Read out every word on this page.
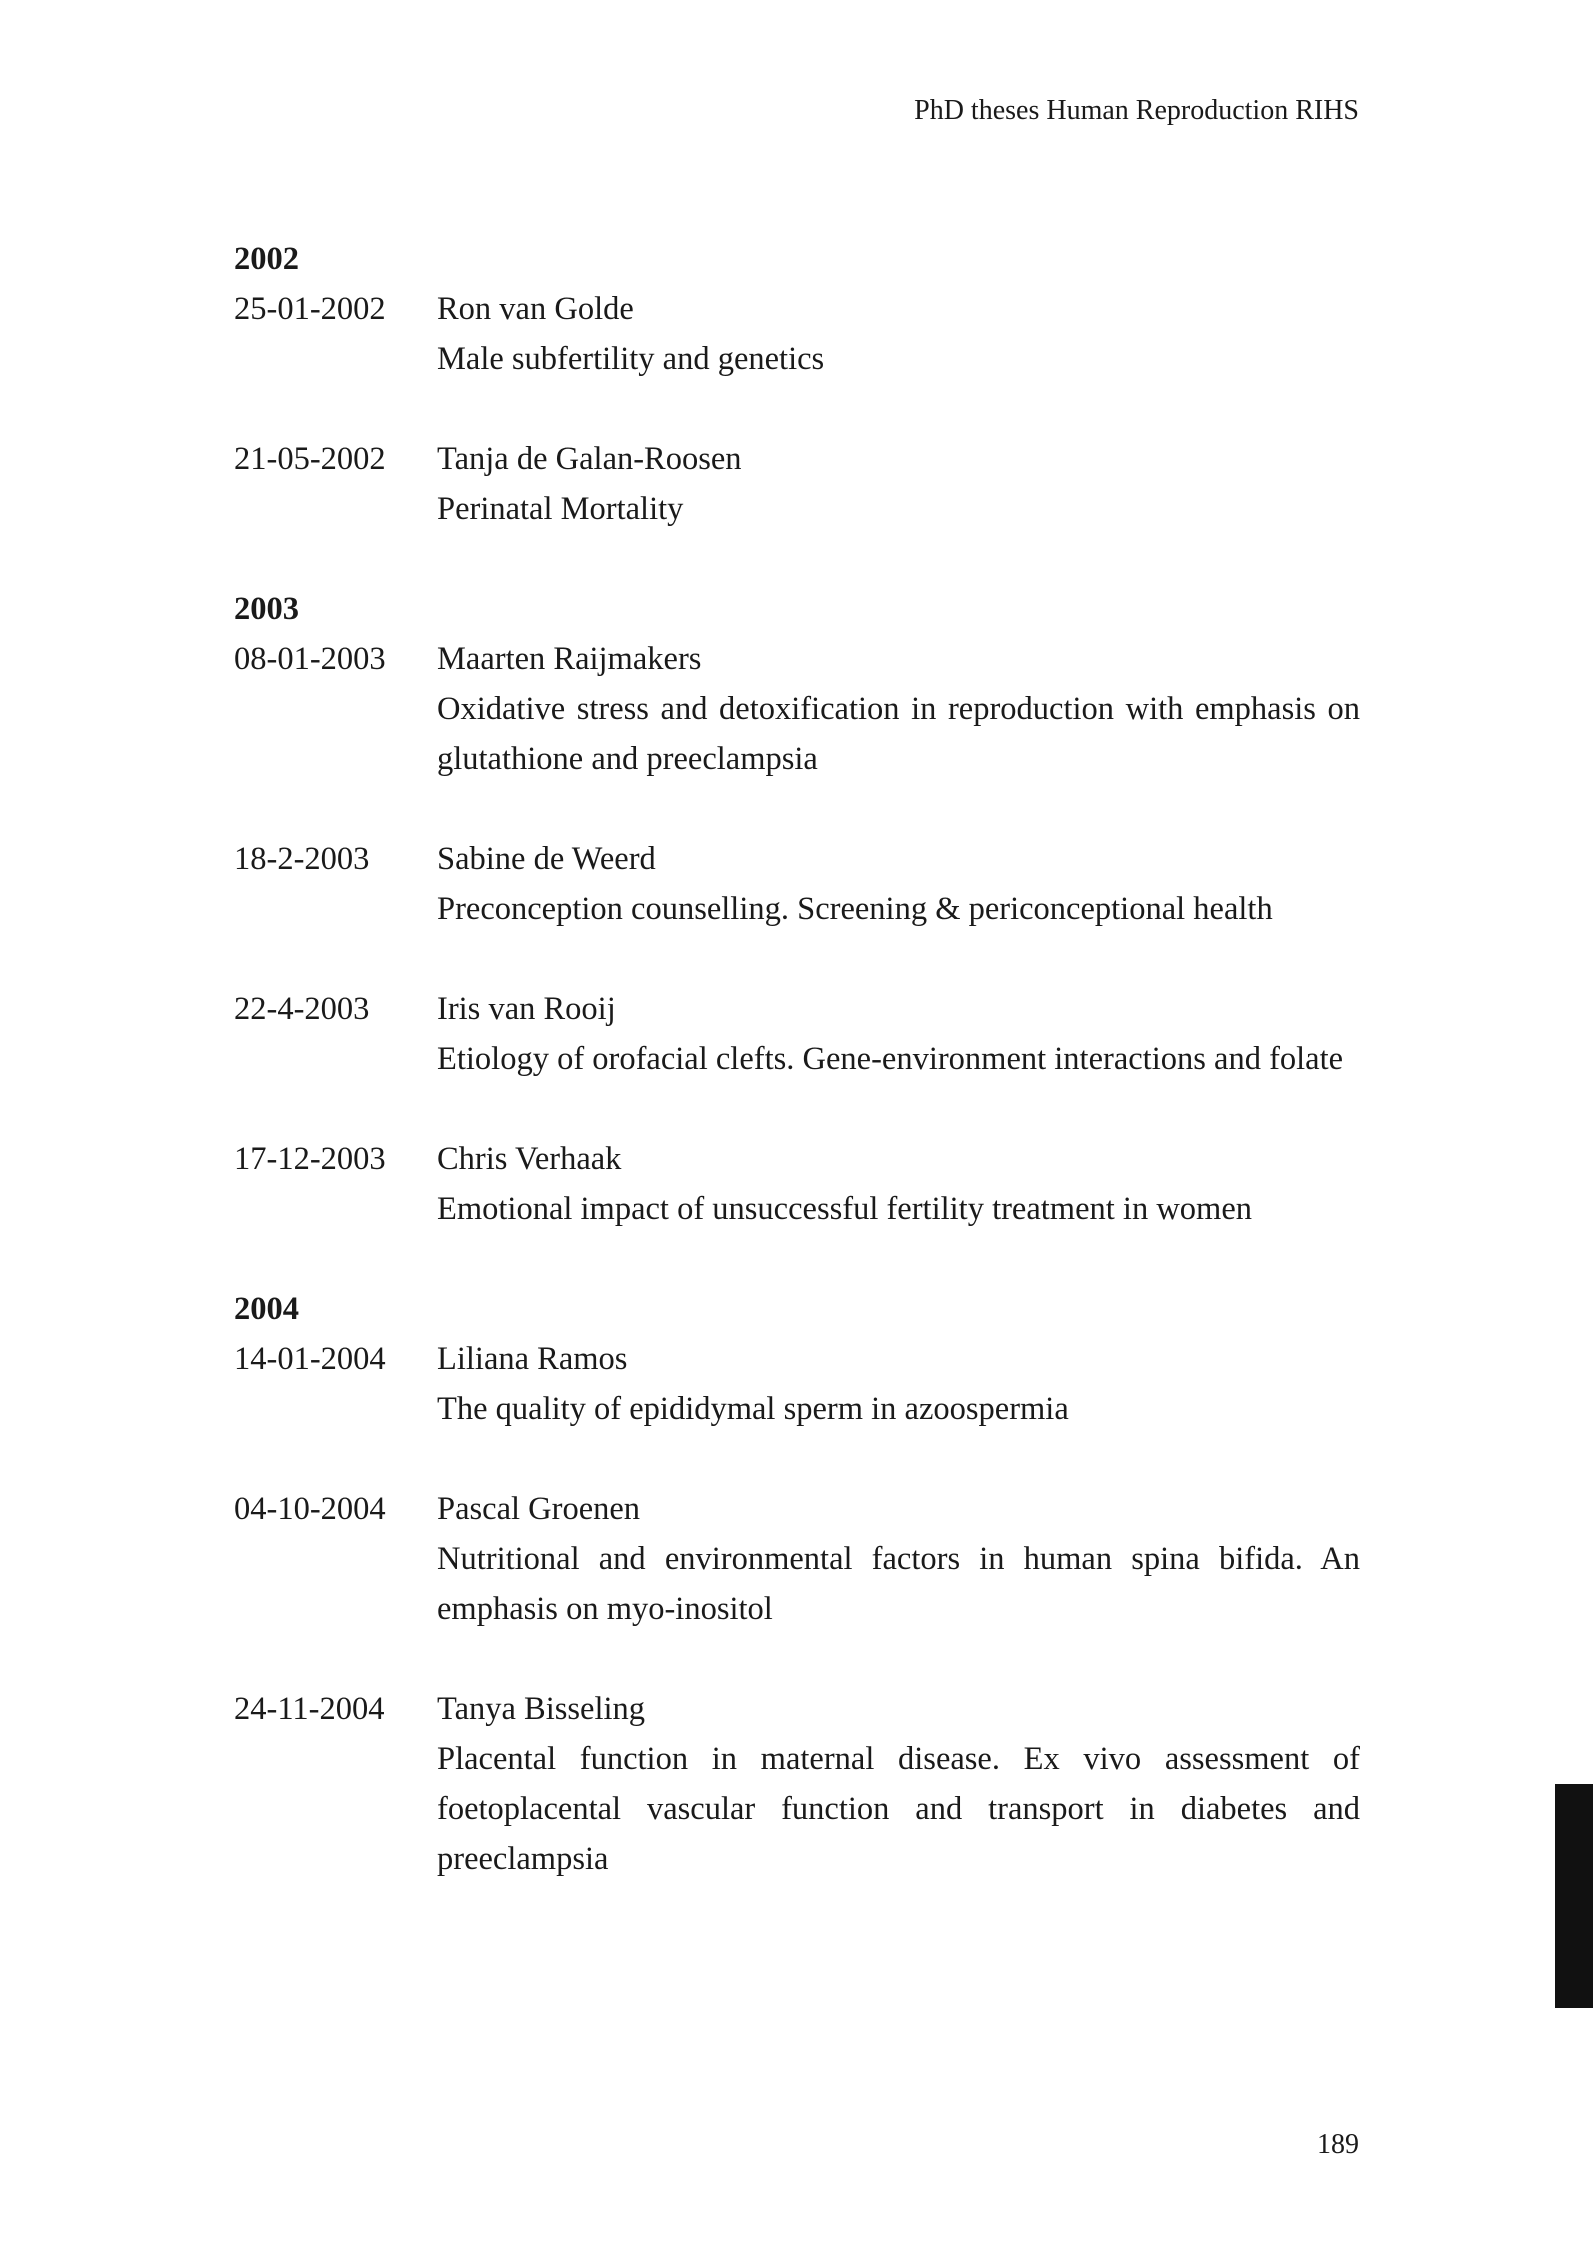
PhD theses Human Reproduction RIHS
2002
25-01-2002	Ron van Golde
Male subfertility and genetics
21-05-2002	Tanja de Galan-Roosen
Perinatal Mortality
2003
08-01-2003	Maarten Raijmakers
Oxidative stress and detoxification in reproduction with emphasis on glutathione and preeclampsia
18-2-2003	Sabine de Weerd
Preconception counselling. Screening & periconceptional health
22-4-2003	Iris van Rooij
Etiology of orofacial clefts. Gene-environment interactions and folate
17-12-2003	Chris Verhaak
Emotional impact of unsuccessful fertility treatment in women
2004
14-01-2004	Liliana Ramos
The quality of epididymal sperm in azoospermia
04-10-2004	Pascal Groenen
Nutritional and environmental factors in human spina bifida. An emphasis on myo-inositol
24-11-2004	Tanya Bisseling
Placental function in maternal disease. Ex vivo assessment of foetoplacental vascular function and transport in diabetes and preeclampsia
189
